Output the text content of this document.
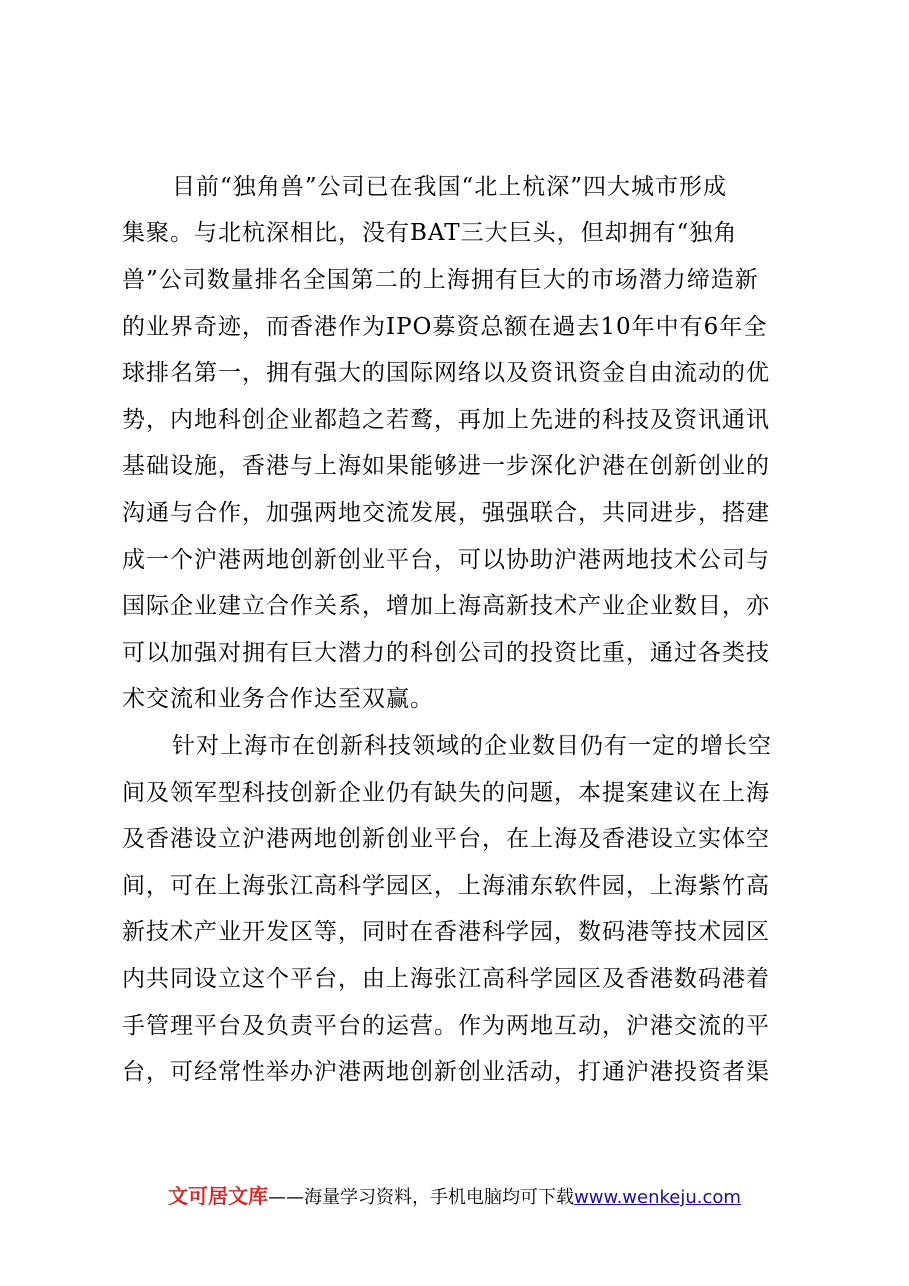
目前“独角兽”公司已在我国“北上杭深”四大城市形成
集聚。与北杭深相比，没有BAT三大巨头，但却拥有“独角
兽”公司数量排名全国第二的上海拥有巨大的市场潜力缔造新
的业界奇迹，而香港作为IPO募资总额在過去10年中有6年全
球排名第一，拥有强大的国际网络以及资讯资金自由流动的优
势，内地科创企业都趋之若鹜，再加上先进的科技及资讯通讯
基础设施，香港与上海如果能够进一步深化沪港在创新创业的
沟通与合作，加强两地交流发展，强强联合，共同进步，搭建
成一个沪港两地创新创业平台，可以协助沪港两地技术公司与
国际企业建立合作关系，增加上海高新技术产业企业数目，亦
可以加强对拥有巨大潜力的科创公司的投资比重，通过各类技
术交流和业务合作达至双赢。
针对上海市在创新科技领域的企业数目仍有一定的增长空
间及领军型科技创新企业仍有缺失的问题，本提案建议在上海
及香港设立沪港两地创新创业平台，在上海及香港设立实体空
间，可在上海张江高科学园区，上海浦东软件园，上海紫竹高
新技术产业开发区等，同时在香港科学园，数码港等技术园区
内共同设立这个平台，由上海张江高科学园区及香港数码港着
手管理平台及负责平台的运营。作为两地互动，沪港交流的平
台，可经常性举办沪港两地创新创业活动，打通沪港投资者渠
文可居文库——海量学习资料，手机电脑均可下载www.wenkeju.com
